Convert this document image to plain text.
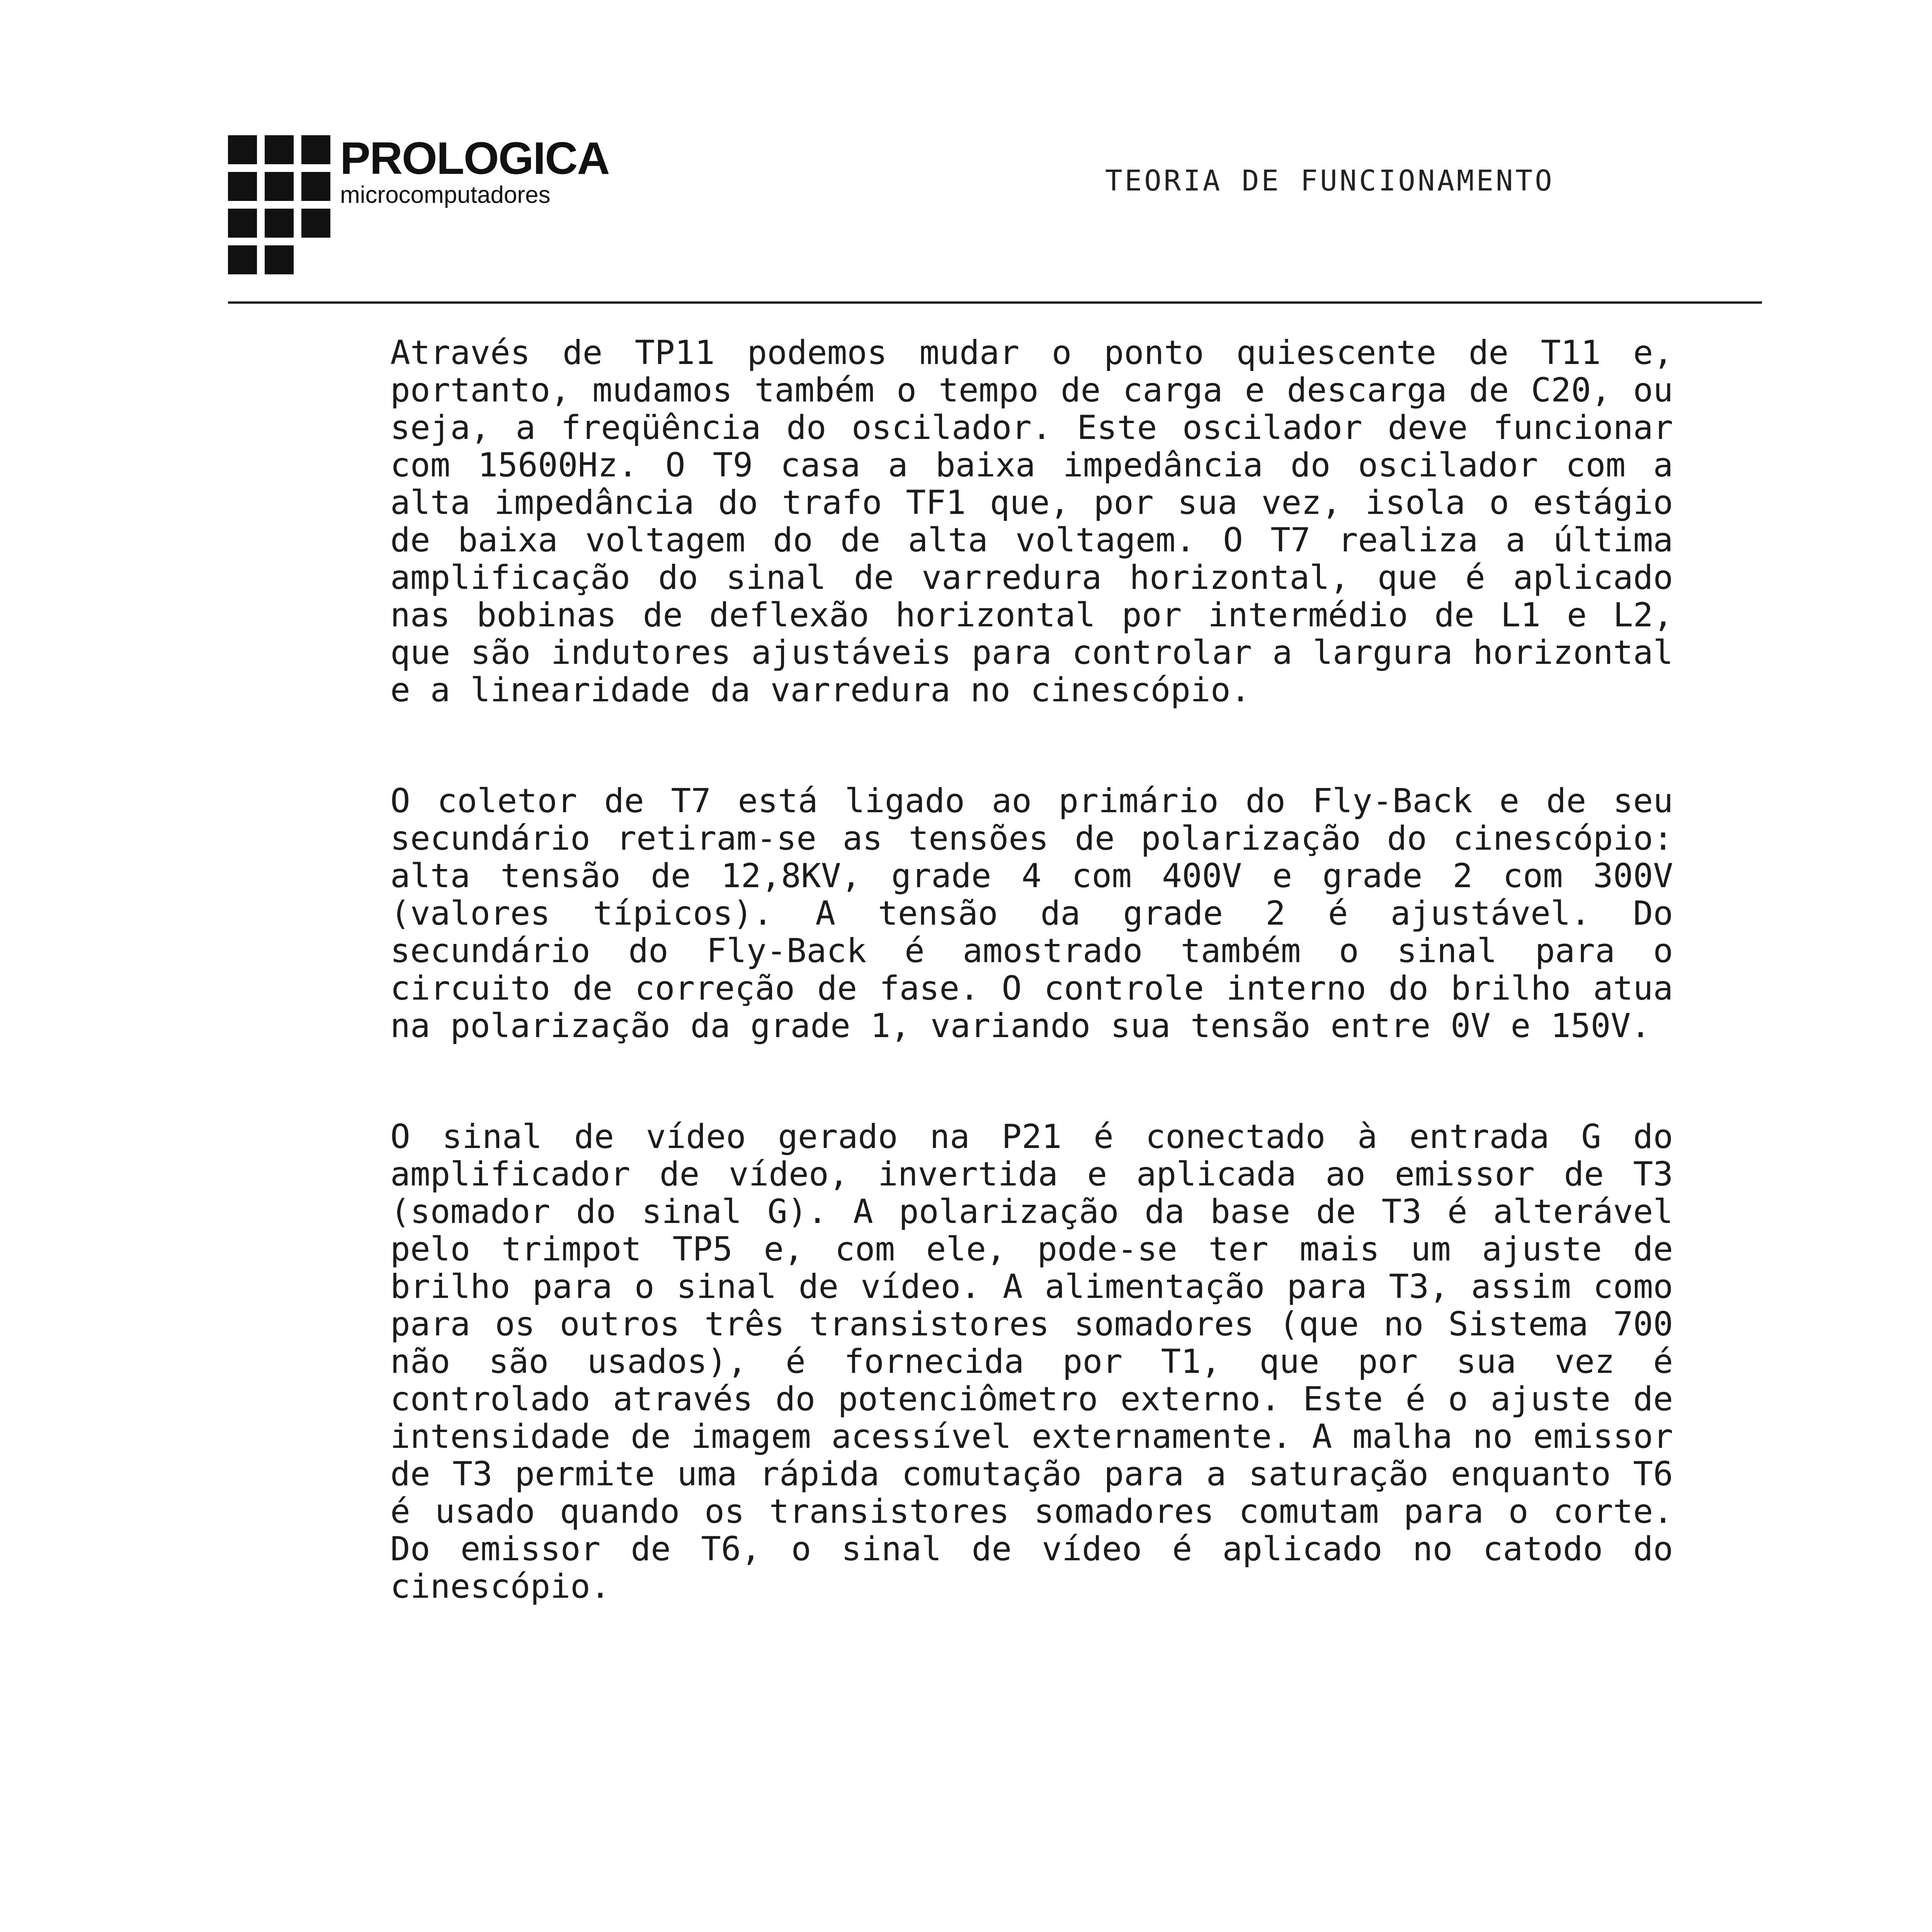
PROLOGICA
microcomputadores	TEORIA DE FUNCIONAMENTO

Através de TP11 podemos mudar o ponto quiescente de T11 e, portanto, mudamos também o tempo de carga e descarga de C20, ou seja, a freqüência do oscilador. Este oscilador deve funcionar com 15600Hz. O T9 casa a baixa impedância do oscilador com a alta impedância do trafo TF1 que, por sua vez, isola o estágio de baixa voltagem do de alta voltagem. O T7 realiza a última amplificação do sinal de varredura horizontal, que é aplicado nas bobinas de deflexão horizontal por intermédio de L1 e L2, que são indutores ajustáveis para controlar a largura horizontal e a linearidade da varredura no cinescópio.

O coletor de T7 está ligado ao primário do Fly-Back e de seu secundário retiram-se as tensões de polarização do cinescópio: alta tensão de 12,8KV, grade 4 com 400V e grade 2 com 300V (valores típicos). A tensão da grade 2 é ajustável. Do secundário do Fly-Back é amostrado também o sinal para o circuito de correção de fase. O controle interno do brilho atua na polarização da grade 1, variando sua tensão entre 0V e 150V.

O sinal de vídeo gerado na P21 é conectado à entrada G do amplificador de vídeo, invertida e aplicada ao emissor de T3 (somador do sinal G). A polarização da base de T3 é alterável pelo trimpot TP5 e, com ele, pode-se ter mais um ajuste de brilho para o sinal de vídeo. A alimentação para T3, assim como para os outros três transistores somadores (que no Sistema 700 não são usados), é fornecida por T1, que por sua vez é controlado através do potenciômetro externo. Este é o ajuste de intensidade de imagem acessível externamente. A malha no emissor de T3 permite uma rápida comutação para a saturação enquanto T6 é usado quando os transistores somadores comutam para o corte. Do emissor de T6, o sinal de vídeo é aplicado no catodo do cinescópio.
